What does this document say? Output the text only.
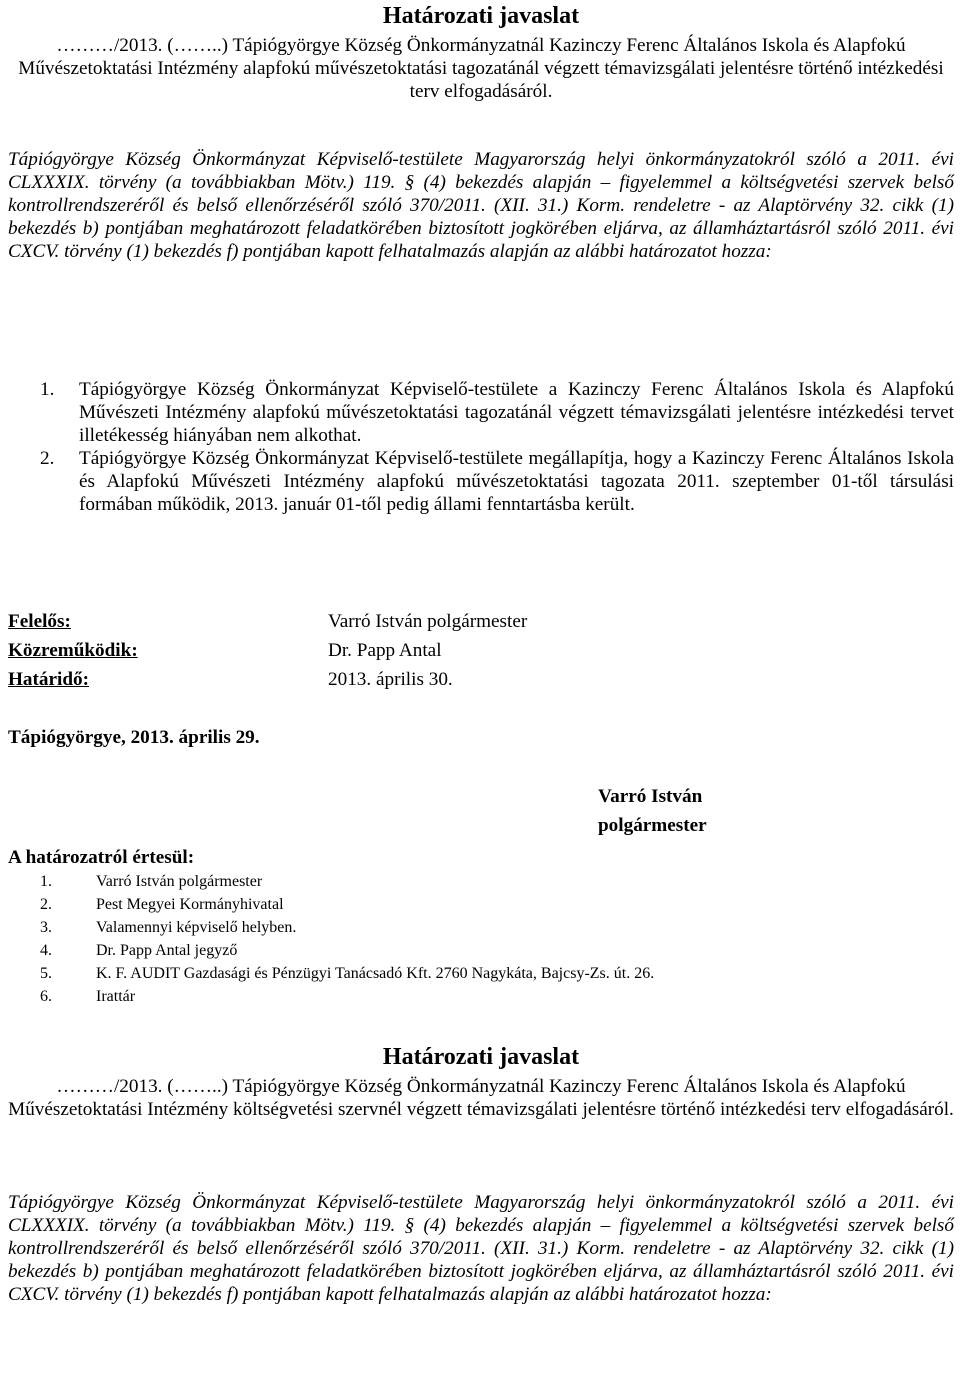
Határozati javaslat
………/2013. (……..) Tápiógyörgye Község Önkormányzatnál Kazinczy Ferenc Általános Iskola és Alapfokú Művészetoktatási Intézmény alapfokú művészetoktatási tagozatánál végzett témavizsgálati jelentésre történő intézkedési terv elfogadásáról.
Tápiógyörgye Község Önkormányzat Képviselő-testülete Magyarország helyi önkormányzatokról szóló a 2011. évi CLXXXIX. törvény (a továbbiakban Mötv.) 119. § (4) bekezdés alapján – figyelemmel a költségvetési szervek belső kontrollrendszeréről és belső ellenőrzéséről szóló 370/2011. (XII. 31.) Korm. rendeletre - az Alaptörvény 32. cikk (1) bekezdés b) pontjában meghatározott feladatkörében biztosított jogkörében eljárva, az államháztartásról szóló 2011. évi CXCV. törvény (1) bekezdés f) pontjában kapott felhatalmazás alapján az alábbi határozatot hozza:
1. Tápiógyörgye Község Önkormányzat Képviselő-testülete a Kazinczy Ferenc Általános Iskola és Alapfokú Művészeti Intézmény alapfokú művészetoktatási tagozatánál végzett témavizsgálati jelentésre intézkedési tervet illetékesség hiányában nem alkothat.
2. Tápiógyörgye Község Önkormányzat Képviselő-testülete megállapítja, hogy a Kazinczy Ferenc Általános Iskola és Alapfokú Művészeti Intézmény alapfokú művészetoktatási tagozata 2011. szeptember 01-től társulási formában működik, 2013. január 01-től pedig állami fenntartásba került.
Felelős:	Varró István polgármester
Közreműködik:	Dr. Papp Antal
Határidő:	2013. április 30.
Tápiógyörgye, 2013. április 29.
Varró István
polgármester
A határozatról értesül:
1.	Varró István polgármester
2.	Pest Megyei Kormányhivatal
3.	Valamennyi képviselő helyben.
4.	Dr. Papp Antal jegyző
5.	K. F. AUDIT Gazdasági és Pénzügyi Tanácsadó Kft. 2760 Nagykáta, Bajcsy-Zs. út. 26.
6.	Irattár
Határozati javaslat
………/2013. (……..) Tápiógyörgye Község Önkormányzatnál Kazinczy Ferenc Általános Iskola és Alapfokú Művészetoktatási Intézmény költségvetési szervnél végzett témavizsgálati jelentésre történő intézkedési terv elfogadásáról.
Tápiógyörgye Község Önkormányzat Képviselő-testülete Magyarország helyi önkormányzatokról szóló a 2011. évi CLXXXIX. törvény (a továbbiakban Mötv.) 119. § (4) bekezdés alapján – figyelemmel a költségvetési szervek belső kontrollrendszeréről és belső ellenőrzéséről szóló 370/2011. (XII. 31.) Korm. rendeletre - az Alaptörvény 32. cikk (1) bekezdés b) pontjában meghatározott feladatkörében biztosított jogkörében eljárva, az államháztartásról szóló 2011. évi CXCV. törvény (1) bekezdés f) pontjában kapott felhatalmazás alapján az alábbi határozatot hozza:
